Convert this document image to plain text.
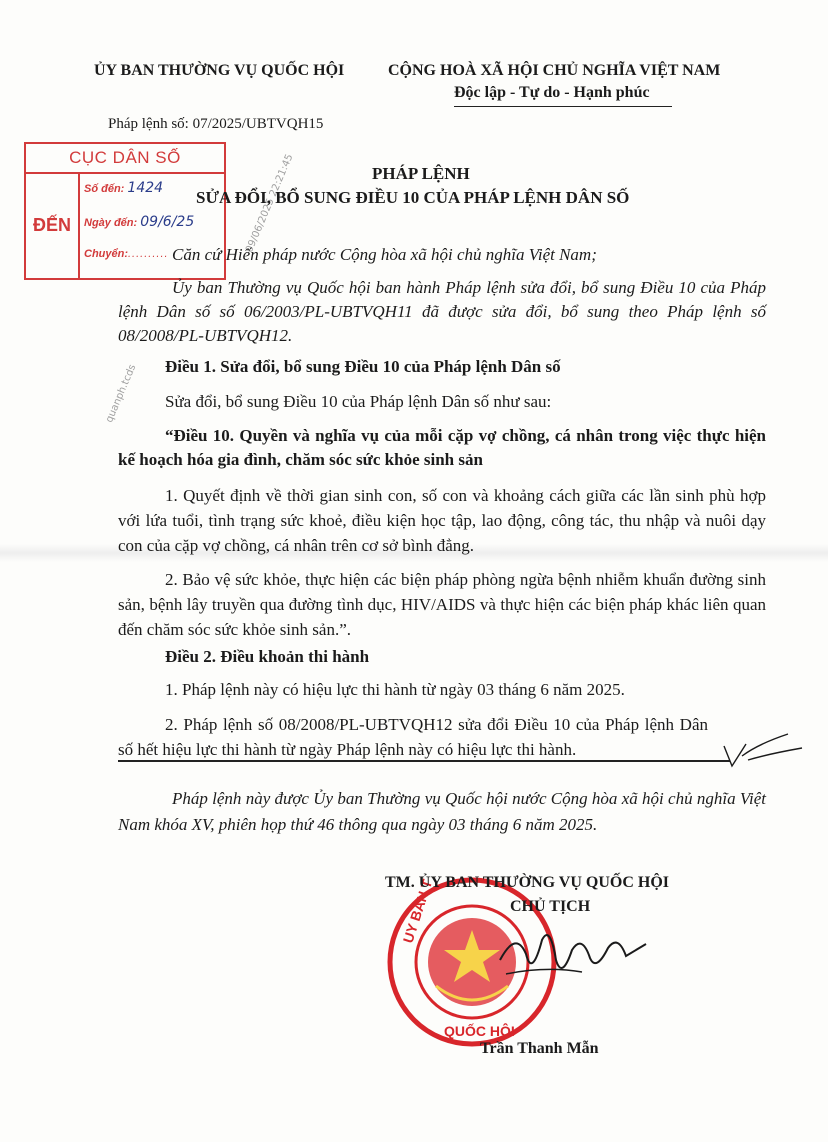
ỦY BAN THƯỜNG VỤ QUỐC HỘI	CỘNG HOÀ XÃ HỘI CHỦ NGHĨA VIỆT NAM
Độc lập - Tự do - Hạnh phúc
Pháp lệnh số: 07/2025/UBTVQH15
09/06/2025 22:21:45
quanph.tcds
CỤC DÂN SỐ
ĐẾN
Số đến: 1424
Ngày đến: 09/6/25
Chuyển:..........
PHÁP LỆNH
SỬA ĐỔI, BỔ SUNG ĐIỀU 10 CỦA PHÁP LỆNH DÂN SỐ
Căn cứ Hiến pháp nước Cộng hòa xã hội chủ nghĩa Việt Nam;
Ủy ban Thường vụ Quốc hội ban hành Pháp lệnh sửa đổi, bổ sung Điều 10 của Pháp lệnh Dân số số 06/2003/PL-UBTVQH11 đã được sửa đổi, bổ sung theo Pháp lệnh số 08/2008/PL-UBTVQH12.
Điều 1. Sửa đổi, bổ sung Điều 10 của Pháp lệnh Dân số
Sửa đổi, bổ sung Điều 10 của Pháp lệnh Dân số như sau:
“Điều 10. Quyền và nghĩa vụ của mỗi cặp vợ chồng, cá nhân trong việc thực hiện kế hoạch hóa gia đình, chăm sóc sức khỏe sinh sản
1. Quyết định về thời gian sinh con, số con và khoảng cách giữa các lần sinh phù hợp với lứa tuổi, tình trạng sức khoẻ, điều kiện học tập, lao động, công tác, thu nhập và nuôi dạy con của cặp vợ chồng, cá nhân trên cơ sở bình đẳng.
2. Bảo vệ sức khỏe, thực hiện các biện pháp phòng ngừa bệnh nhiễm khuẩn đường sinh sản, bệnh lây truyền qua đường tình dục, HIV/AIDS và thực hiện các biện pháp khác liên quan đến chăm sóc sức khỏe sinh sản.”.
Điều 2. Điều khoản thi hành
1. Pháp lệnh này có hiệu lực thi hành từ ngày 03 tháng 6 năm 2025.
2. Pháp lệnh số 08/2008/PL-UBTVQH12 sửa đổi Điều 10 của Pháp lệnh Dân số hết hiệu lực thi hành từ ngày Pháp lệnh này có hiệu lực thi hành.
Pháp lệnh này được Ủy ban Thường vụ Quốc hội nước Cộng hòa xã hội chủ nghĩa Việt Nam khóa XV, phiên họp thứ 46 thông qua ngày 03 tháng 6 năm 2025.
UY BAN T
QUỐC HỘI
TM. ỦY BAN THƯỜNG VỤ QUỐC HỘI
CHỦ TỊCH
Trần Thanh Mẫn
